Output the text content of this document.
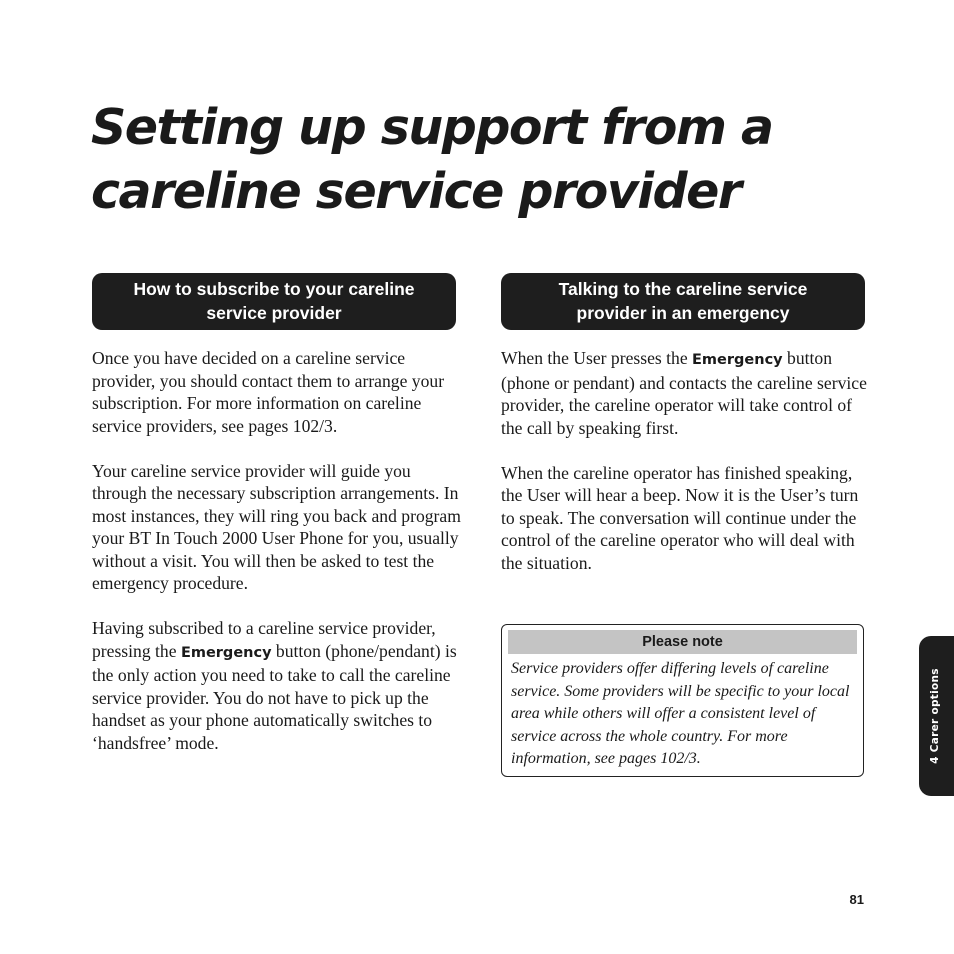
Setting up support from a
careline service provider
How to subscribe to your careline
service provider
Talking to the careline service
provider in an emergency

Once you have decided on a careline service provider, you should contact them to arrange your subscription. For more information on careline service providers, see pages 102/3.

Your careline service provider will guide you through the necessary subscription arrangements. In most instances, they will ring you back and program your BT In Touch 2000 User Phone for you, usually without a visit. You will then be asked to test the emergency procedure.

Having subscribed to a careline service provider, pressing the Emergency button (phone/pendant) is the only action you need to take to call the careline service provider. You do not have to pick up the handset as your phone automatically switches to ‘handsfree’ mode.

When the User presses the Emergency button (phone or pendant) and contacts the careline service provider, the careline operator will take control of the call by speaking first.

When the careline operator has finished speaking, the User will hear a beep. Now it is the User’s turn to speak. The conversation will continue under the control of the careline operator who will deal with the situation.

Please note

Service providers offer differing levels of careline service. Some providers will be specific to your local area while others will offer a consistent level of service across the whole country. For more information, see pages 102/3.	4 Carer options
81
